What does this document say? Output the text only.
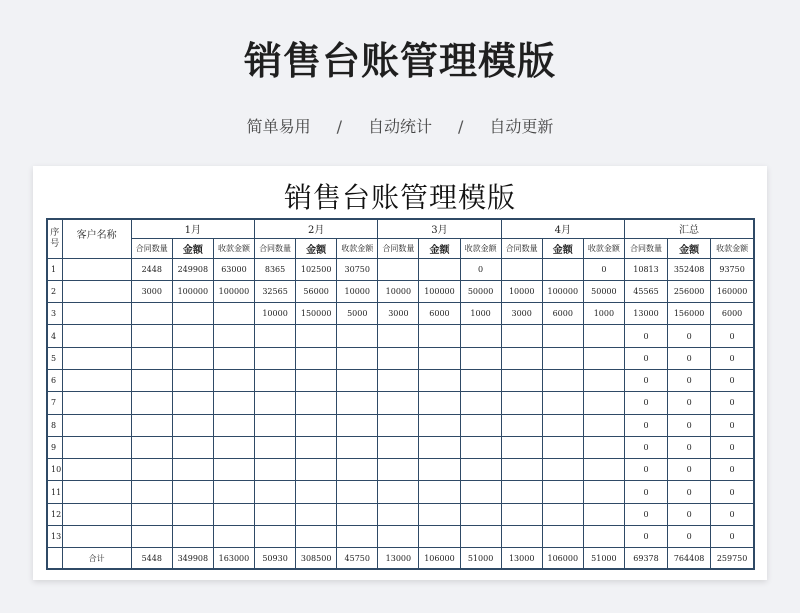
销售台账管理模版
简单易用 / 自动统计 / 自动更新
销售台账管理模版
序号	客户名称	1月			2月			3月			4月			汇总		
		合同数量	金额	收款金额	合同数量	金额	收款金额	合同数量	金额	收款金额	合同数量	金额	收款金额	合同数量	金额	收款金额
1		2448	249908	63000	8365	102500	30750			0			0	10813	352408	93750
2		3000	100000	100000	32565	56000	10000	10000	100000	50000	10000	100000	50000	45565	256000	160000
3					10000	150000	5000	3000	6000	1000	3000	6000	1000	13000	156000	6000
4														0	0	0
5														0	0	0
6														0	0	0
7														0	0	0
8														0	0	0
9														0	0	0
10														0	0	0
11														0	0	0
12														0	0	0
13														0	0	0
	合计	5448	349908	163000	50930	308500	45750	13000	106000	51000	13000	106000	51000	69378	764408	259750
